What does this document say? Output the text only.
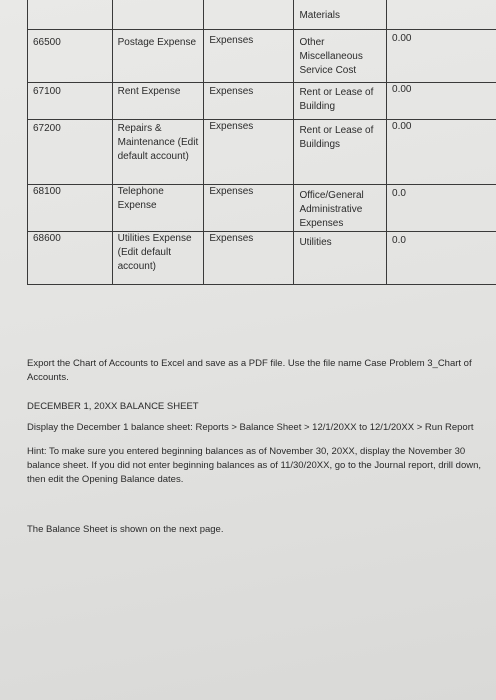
			Materials	

66500	Postage Expense	Expenses	Other Miscellaneous Service Cost	0.00

67100	Rent Expense	Expenses	Rent or Lease of Building	0.00

67200	Repairs & Maintenance (Edit default account)	Expenses	Rent or Lease of Buildings	0.00

68100	Telephone Expense	Expenses	Office/General Administrative Expenses	0.0

68600	Utilities Expense (Edit default account)	Expenses	Utilities	0.0
Export the Chart of Accounts to Excel and save as a PDF file. Use the file name Case Problem 3_Chart of Accounts.
DECEMBER 1, 20XX BALANCE SHEET
Display the December 1 balance sheet: Reports > Balance Sheet > 12/1/20XX to 12/1/20XX > Run Report
Hint: To make sure you entered beginning balances as of November 30, 20XX, display the November 30 balance sheet. If you did not enter beginning balances as of 11/30/20XX, go to the Journal report, drill down, then edit the Opening Balance dates.
The Balance Sheet is shown on the next page.
